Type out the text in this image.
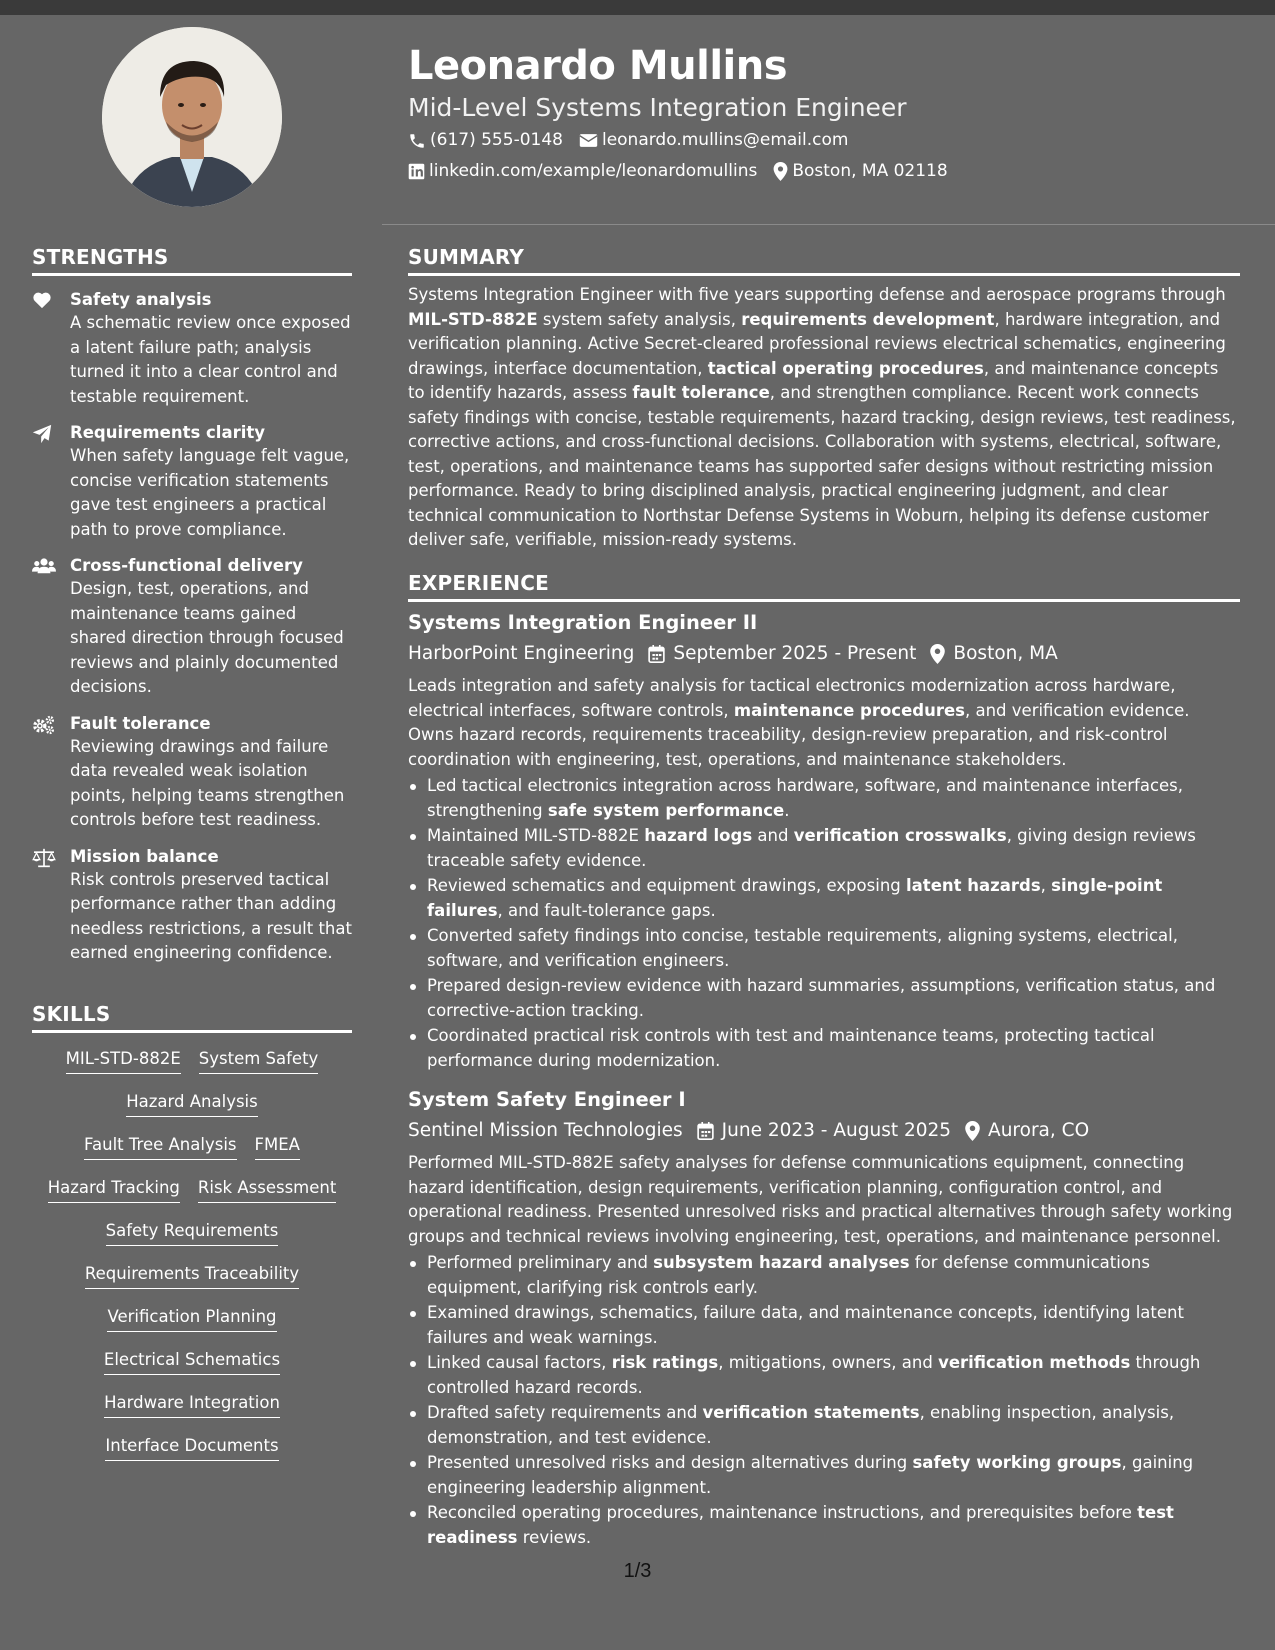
STRENGTHS
Safety analysis
A schematic review once exposed a latent failure path; analysis turned it into a clear control and testable requirement.
Requirements clarity
When safety language felt vague, concise verification statements gave test engineers a practical path to prove compliance.
Cross-functional delivery
Design, test, operations, and maintenance teams gained shared direction through focused reviews and plainly documented decisions.
Fault tolerance
Reviewing drawings and failure data revealed weak isolation points, helping teams strengthen controls before test readiness.
Mission balance
Risk controls preserved tactical performance rather than adding needless restrictions, a result that earned engineering confidence.
SKILLS
MIL-STD-882E System Safety
Hazard Analysis
Fault Tree Analysis FMEA
Hazard Tracking Risk Assessment
Safety Requirements
Requirements Traceability
Verification Planning
Electrical Schematics
Hardware Integration
Interface Documents
Leonardo Mullins
Mid-Level Systems Integration Engineer
(617) 555-0148 leonardo.mullins@email.com
linkedin.com/example/leonardomullins Boston, MA 02118
SUMMARY
Systems Integration Engineer with five years supporting defense and aerospace programs through MIL-STD-882E system safety analysis, requirements development, hardware integration, and verification planning. Active Secret-cleared professional reviews electrical schematics, engineering drawings, interface documentation, tactical operating procedures, and maintenance concepts to identify hazards, assess fault tolerance, and strengthen compliance. Recent work connects safety findings with concise, testable requirements, hazard tracking, design reviews, test readiness, corrective actions, and cross-functional decisions. Collaboration with systems, electrical, software, test, operations, and maintenance teams has supported safer designs without restricting mission performance. Ready to bring disciplined analysis, practical engineering judgment, and clear technical communication to Northstar Defense Systems in Woburn, helping its defense customer deliver safe, verifiable, mission-ready systems.
EXPERIENCE
Systems Integration Engineer II
HarborPoint Engineering September 2025 - Present Boston, MA
Leads integration and safety analysis for tactical electronics modernization across hardware, electrical interfaces, software controls, maintenance procedures, and verification evidence. Owns hazard records, requirements traceability, design-review preparation, and risk-control coordination with engineering, test, operations, and maintenance stakeholders.
Led tactical electronics integration across hardware, software, and maintenance interfaces, strengthening safe system performance.
Maintained MIL-STD-882E hazard logs and verification crosswalks, giving design reviews traceable safety evidence.
Reviewed schematics and equipment drawings, exposing latent hazards, single-point failures, and fault-tolerance gaps.
Converted safety findings into concise, testable requirements, aligning systems, electrical, software, and verification engineers.
Prepared design-review evidence with hazard summaries, assumptions, verification status, and corrective-action tracking.
Coordinated practical risk controls with test and maintenance teams, protecting tactical performance during modernization.
System Safety Engineer I
Sentinel Mission Technologies June 2023 - August 2025 Aurora, CO
Performed MIL-STD-882E safety analyses for defense communications equipment, connecting hazard identification, design requirements, verification planning, configuration control, and operational readiness. Presented unresolved risks and practical alternatives through safety working groups and technical reviews involving engineering, test, operations, and maintenance personnel.
Performed preliminary and subsystem hazard analyses for defense communications equipment, clarifying risk controls early.
Examined drawings, schematics, failure data, and maintenance concepts, identifying latent failures and weak warnings.
Linked causal factors, risk ratings, mitigations, owners, and verification methods through controlled hazard records.
Drafted safety requirements and verification statements, enabling inspection, analysis, demonstration, and test evidence.
Presented unresolved risks and design alternatives during safety working groups, gaining engineering leadership alignment.
Reconciled operating procedures, maintenance instructions, and prerequisites before test readiness reviews.
1/3
